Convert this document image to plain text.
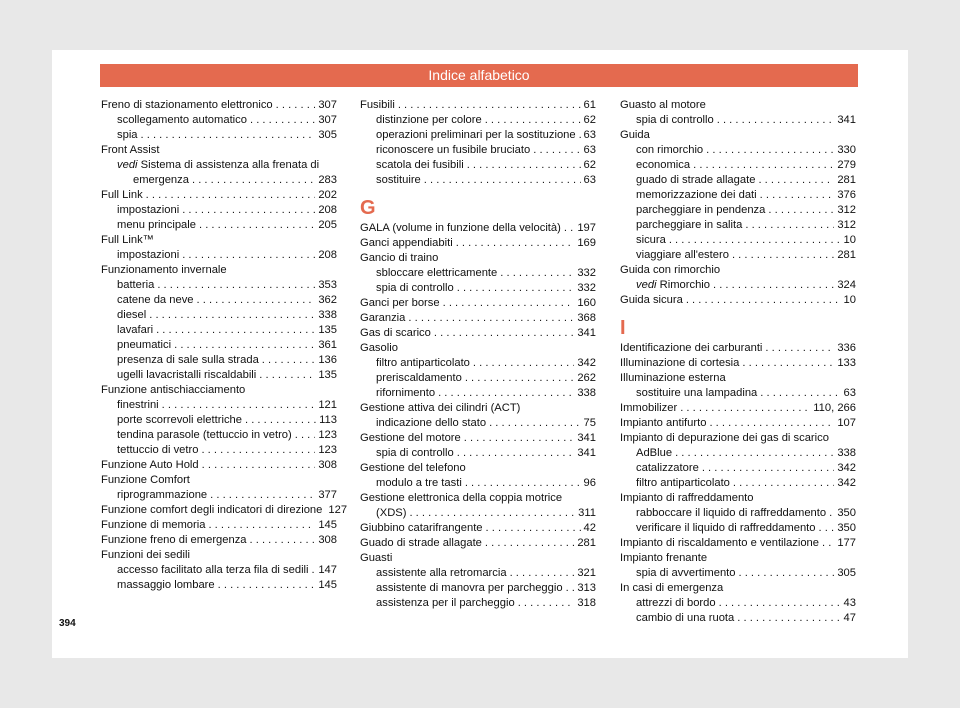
Indice alfabetico
Freno di stazionamento elettronico . . .	307
scollegamento automatico . . .	307
spia . . .	305
Front Assist
vedi Sistema di assistenza alla frenata di
emergenza . . .	283
Full Link . . .	202
impostazioni . . .	208
menu principale . . .	205
Full Link™
impostazioni . . .	208
Funzionamento invernale
batteria . . .	353
catene da neve . . .	362
diesel . . .	338
lavafari . . .	135
pneumatici . . .	361
presenza di sale sulla strada . . .	136
ugelli lavacristalli riscaldabili . . .	135
Funzione antischiacciamento
finestrini . . .	121
porte scorrevoli elettriche . . .	113
tendina parasole (tettuccio in vetro) . . . 123
tettuccio di vetro . . .	123
Funzione Auto Hold . . .	308
Funzione Comfort
riprogrammazione . . .	377
Funzione comfort degli indicatori di direzione 127
Funzione di memoria . . .	145
Funzione freno di emergenza . . .	308
Funzioni dei sedili
accesso facilitato alla terza fila di sedili . . . 147
massaggio lombare . . .	145
Fusibili . . .	61
distinzione per colore . . .	62
operazioni preliminari per la sostituzione . . . 63
riconoscere un fusibile bruciato . . .	63
scatola dei fusibili . . .	62
sostituire . . .	63
G
GALA (volume in funzione della velocità) . . . 197
Ganci appendiabiti . . .	169
Gancio di traino
sbloccare elettricamente . . .	332
spia di controllo . . .	332
Ganci per borse . . .	160
Garanzia . . .	368
Gas di scarico . . .	341
Gasolio
filtro antiparticolato . . .	342
preriscaldamento . . .	262
rifornimento . . .	338
Gestione attiva dei cilindri (ACT)
indicazione dello stato . . .	75
Gestione del motore . . .	341
spia di controllo . . .	341
Gestione del telefono
modulo a tre tasti . . .	96
Gestione elettronica della coppia motrice
(XDS) . . .	311
Giubbino catarifrangente . . .	42
Guado di strade allagate . . .	281
Guasti
assistente alla retromarcia . . .	321
assistente di manovra per parcheggio . . . 313
assistenza per il parcheggio . . .	318
Guasto al motore
spia di controllo . . .	341
Guida
con rimorchio . . .	330
economica . . .	279
guado di strade allagate . . .	281
memorizzazione dei dati . . .	376
parcheggiare in pendenza . . .	312
parcheggiare in salita . . .	312
sicura . . .	10
viaggiare all'estero . . .	281
Guida con rimorchio
vedi Rimorchio . . .	324
Guida sicura . . .	10
I
Identificazione dei carburanti . . .	336
Illuminazione di cortesia . . .	133
Illuminazione esterna
sostituire una lampadina . . .	63
Immobilizer . . .	110, 266
Impianto antifurto . . .	107
Impianto di depurazione dei gas di scarico
AdBlue . . .	338
catalizzatore . . .	342
filtro antiparticolato . . .	342
Impianto di raffreddamento
rabboccare il liquido di raffreddamento . . . 350
verificare il liquido di raffreddamento . . . 350
Impianto di riscaldamento e ventilazione . . . 177
Impianto frenante
spia di avvertimento . . .	305
In casi di emergenza
attrezzi di bordo . . .	43
cambio di una ruota . . .	47
394
